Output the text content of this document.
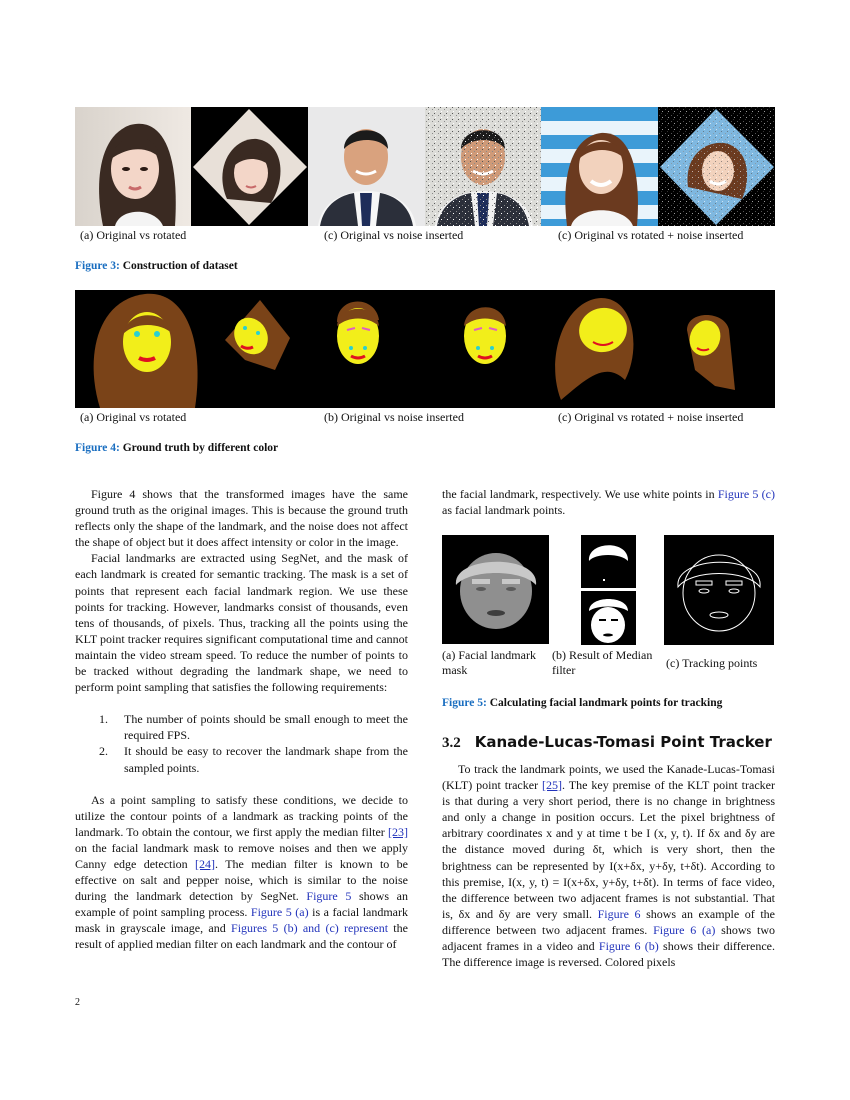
(a) Original vs rotated	(c) Original vs noise inserted	(c) Original vs rotated + noise inserted
Figure 3: Construction of dataset
(a) Original vs rotated	(b) Original vs noise inserted	(c) Original vs rotated + noise inserted
Figure 4: Ground truth by different color

Figure 4 shows that the transformed images have the same ground truth as the original images. This is because the ground truth reflects only the shape of the landmark, and the noise does not affect the shape of object but it does affect intensity or color in the image.

Facial landmarks are extracted using SegNet, and the mask of each landmark is created for semantic tracking. The mask is a set of points that represent each facial landmark region. We use these points for tracking. However, landmarks consist of thousands, even tens of thousands, of pixels. Thus, tracking all the points using the KLT point tracker requires significant computational time and cannot maintain the video stream speed. To reduce the number of points to be tracked without degrading the landmark shape, we need to perform point sampling that satisfies the following requirements:

1. The number of points should be small enough to meet the required FPS.
2. It should be easy to recover the landmark shape from the sampled points.

As a point sampling to satisfy these conditions, we decide to utilize the contour points of a landmark as tracking points of the landmark. To obtain the contour, we first apply the median filter [23] on the facial landmark mask to remove noises and then we apply Canny edge detection [24]. The median filter is known to be effective on salt and pepper noise, which is similar to the noise during the landmark detection by SegNet. Figure 5 shows an example of point sampling process. Figure 5 (a) is a facial landmark mask in grayscale image, and Figures 5 (b) and (c) represent the result of applied median filter on each landmark and the contour of

the facial landmark, respectively. We use white points in Figure 5 (c) as facial landmark points.

(a) Facial landmark mask
(b) Result of Median filter	(c) Tracking points
Figure 5: Calculating facial landmark points for tracking
3.2 Kanade-Lucas-Tomasi Point Tracker

To track the landmark points, we used the Kanade-Lucas-Tomasi (KLT) point tracker [25]. The key premise of the KLT point tracker is that during a very short period, there is no change in brightness and only a change in position occurs. Let the pixel brightness of arbitrary coordinates x and y at time t be I (x, y, t). If δx and δy are the distance moved during δt, which is very short, then the brightness can be represented by I(x+δx, y+δy, t+δt). According to this premise, I(x, y, t) = I(x+δx, y+δy, t+δt). In terms of face video, the difference between two adjacent frames is not substantial. That is, δx and δy are very small. Figure 6 shows an example of the difference between two adjacent frames. Figure 6 (a) shows two adjacent frames in a video and Figure 6 (b) shows their difference. The difference image is reversed. Colored pixels

2
